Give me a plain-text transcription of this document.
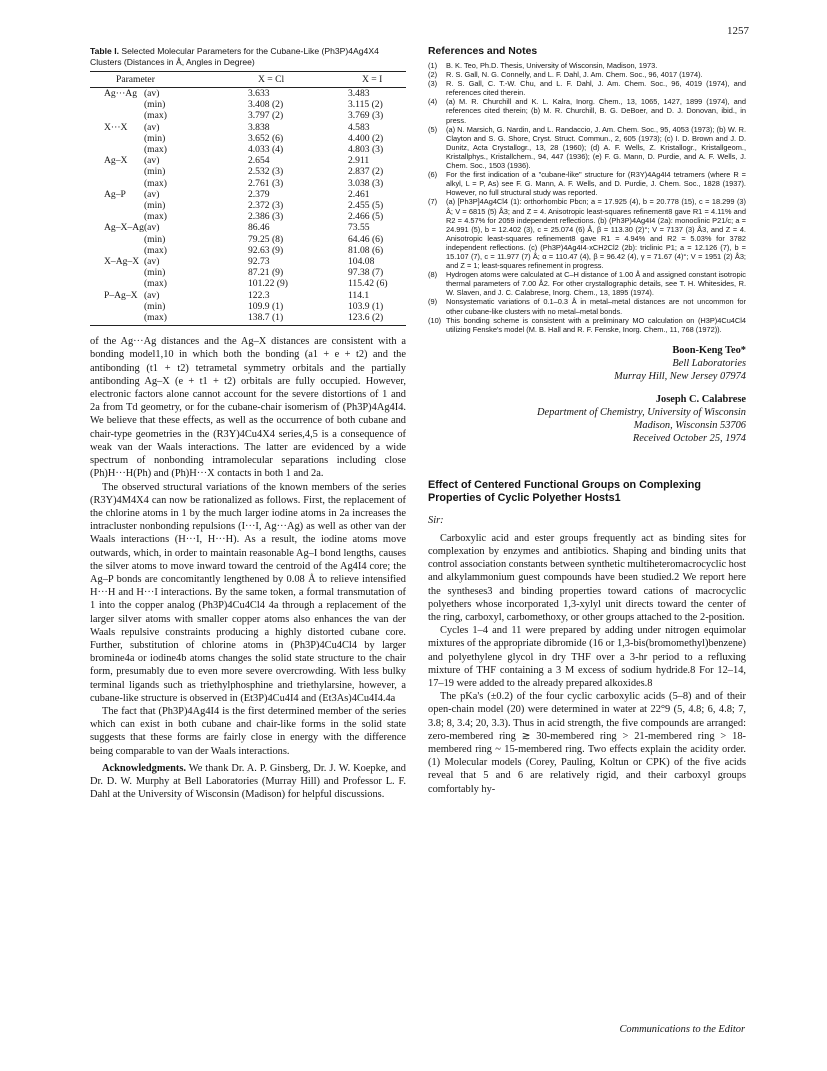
1257
Table I. Selected Molecular Parameters for the Cubane-Like (Ph3P)4Ag4X4 Clusters (Distances in Å, Angles in Degree)
Parameter		X = Cl	X = I
Ag···Ag	(av)	3.633	3.483
	(min)	3.408 (2)	3.115 (2)
	(max)	3.797 (2)	3.769 (3)
X···X	(av)	3.838	4.583
	(min)	3.652 (6)	4.400 (2)
	(max)	4.033 (4)	4.803 (3)
Ag–X	(av)	2.654	2.911
	(min)	2.532 (3)	2.837 (2)
	(max)	2.761 (3)	3.038 (3)
Ag–P	(av)	2.379	2.461
	(min)	2.372 (3)	2.455 (5)
	(max)	2.386 (3)	2.466 (5)
Ag–X–Ag	(av)	86.46	73.55
	(min)	79.25 (8)	64.46 (6)
	(max)	92.63 (9)	81.08 (6)
X–Ag–X	(av)	92.73	104.08
	(min)	87.21 (9)	97.38 (7)
	(max)	101.22 (9)	115.42 (6)
P–Ag–X	(av)	122.3	114.1
	(min)	109.9 (1)	103.9 (1)
	(max)	138.7 (1)	123.6 (2)

of the Ag···Ag distances and the Ag–X distances are consistent with a bonding model1,10 in which both the bonding (a1 + e + t2) and the antibonding (t1 + t2) tetrametal symmetry orbitals and the partially antibonding Ag–X (e + t1 + t2) orbitals are fully occupied. However, electronic factors alone cannot account for the severe distortions of 1 and 2a from Td geometry, or for the cubane-chair isomerism of (Ph3P)4Ag4I4. We believe that these effects, as well as the occurrence of both cubane and chair-type geometries in the (R3Y)4Cu4X4 series,4,5 is a consequence of weak van der Waals interactions. The latter are evidenced by a wide spectrum of nonbonding intramolecular separations including close (Ph)H···H(Ph) and (Ph)H···X contacts in both 1 and 2a.

The observed structural variations of the known members of the series (R3Y)4M4X4 can now be rationalized as follows. First, the replacement of the chlorine atoms in 1 by the much larger iodine atoms in 2a increases the intracluster nonbonding repulsions (I···I, Ag···Ag) as well as other van der Waals interactions (H···I, H···H). As a result, the iodine atoms move outwards, which, in order to maintain reasonable Ag–I bond lengths, causes the silver atoms to move inward toward the centroid of the Ag4I4 core; the Ag–P bonds are concomitantly lengthened by 0.08 Å to relieve intensified H···H and H···I interactions. By the same token, a formal transmutation of 1 into the copper analog (Ph3P)4Cu4Cl4 4a through a replacement of the larger silver atoms with smaller copper atoms also enhances the van der Waals repulsive constraints producing a highly distorted cubane core. Further, substitution of chlorine atoms in (Ph3P)4Cu4Cl4 by larger bromine4a or iodine4b atoms changes the solid state structure to the chair form, presumably due to even more severe overcrowding. With less bulky terminal ligands such as triethylphosphine and triethylarsine, however, a cubane-like structure is observed in (Et3P)4Cu4I4 and (Et3As)4Cu4I4.4a

The fact that (Ph3P)4Ag4I4 is the first determined member of the series which can exist in both cubane and chair-like forms in the solid state suggests that these forms are fairly close in energy with the difference being comparable to van der Waals interactions.

Acknowledgments. We thank Dr. A. P. Ginsberg, Dr. J. W. Koepke, and Dr. D. W. Murphy at Bell Laboratories (Murray Hill) and Professor L. F. Dahl at the University of Wisconsin (Madison) for helpful discussions.

References and Notes
(1)	B. K. Teo, Ph.D. Thesis, University of Wisconsin, Madison, 1973.
(2)	R. S. Gall, N. G. Connelly, and L. F. Dahl, J. Am. Chem. Soc., 96, 4017 (1974).
(3)	R. S. Gall, C. T.-W. Chu, and L. F. Dahl, J. Am. Chem. Soc., 96, 4019 (1974), and references cited therein.
(4)	(a) M. R. Churchill and K. L. Kalra, Inorg. Chem., 13, 1065, 1427, 1899 (1974), and references cited therein; (b) M. R. Churchill, B. G. DeBoer, and D. J. Donovan, ibid., in press.
(5)	(a) N. Marsich, G. Nardin, and L. Randaccio, J. Am. Chem. Soc., 95, 4053 (1973); (b) W. R. Clayton and S. G. Shore, Cryst. Struct. Commun., 2, 605 (1973); (c) I. D. Brown and J. D. Dunitz, Acta Crystallogr., 13, 28 (1960); (d) A. F. Wells, Z. Kristallogr., Kristallgeom., Kristallphys., Kristallchem., 94, 447 (1936); (e) F. G. Mann, D. Purdie, and A. F. Wells, J. Chem. Soc., 1503 (1936).
(6)	For the first indication of a "cubane-like" structure for (R3Y)4Ag4I4 tetramers (where R = alkyl, L = P, As) see F. G. Mann, A. F. Wells, and D. Purdie, J. Chem. Soc., 1828 (1937). However, no full structural study was reported.
(7)	(a) [Ph3P]4Ag4Cl4 (1): orthorhombic Pbcn; a = 17.925 (4), b = 20.778 (15), c = 18.299 (3) Å; V = 6815 (5) Å3; and Z = 4. Anisotropic least-squares refinement8 gave R1 = 4.11% and R2 = 4.57% for 2059 independent reflections. (b) (Ph3P)4Ag4I4 (2a): monoclinic P21/c; a = 24.991 (5), b = 12.402 (3), c = 25.074 (6) Å, β = 113.30 (2)°; V = 7137 (3) Å3, and Z = 4. Anisotropic least-squares refinement8 gave R1 = 4.94% and R2 = 5.03% for 3782 independent reflections. (c) (Ph3P)4Ag4I4·xCH2Cl2 (2b): triclinic P1; a = 12.126 (7), b = 15.107 (7), c = 11.977 (7) Å; α = 110.47 (4), β = 96.42 (4), γ = 71.67 (4)°; V = 1951 (2) Å3; and Z = 1; least-squares refinement in progress.
(8)	Hydrogen atoms were calculated at C–H distance of 1.00 Å and assigned constant isotropic thermal parameters of 7.00 Å2. For other crystallographic details, see T. H. Whitesides, R. W. Slaven, and J. C. Calabrese, Inorg. Chem., 13, 1895 (1974).
(9)	Nonsystematic variations of 0.1–0.3 Å in metal–metal distances are not uncommon for other cubane-like clusters with no metal–metal bonds.
(10) This bonding scheme is consistent with a preliminary MO calculation on (H3P)4Cu4Cl4 utilizing Fenske's model (M. B. Hall and R. F. Fenske, Inorg. Chem., 11, 768 (1972)).
Boon-Keng Teo*
Bell Laboratories
Murray Hill, New Jersey 07974
Joseph C. Calabrese
Department of Chemistry, University of Wisconsin
Madison, Wisconsin 53706
Received October 25, 1974
Effect of Centered Functional Groups on Complexing Properties of Cyclic Polyether Hosts1

Sir:

Carboxylic acid and ester groups frequently act as binding sites for complexation by enzymes and antibiotics. Shaping and binding units that control association constants between synthetic multiheteromacrocyclic host and alkylammonium guest compounds have been studied.2 We report here the syntheses3 and binding properties toward cations of macrocyclic polyethers whose incorporated 1,3-xylyl unit directs toward the center of the ring, carboxyl, carbomethoxy, or other groups attached to the 2-position.

Cycles 1–4 and 11 were prepared by adding under nitrogen equimolar mixtures of the appropriate dibromide (16 or 1,3-bis(bromomethyl)benzene) and polyethylene glycol in dry THF over a 3-hr period to a refluxing mixture of THF containing a 3 M excess of sodium hydride.8 For 12–14, 17–19 were added to the already prepared alkoxides.8

The pKa's (±0.2) of the four cyclic carboxylic acids (5–8) and of their open-chain model (20) were determined in water at 22°9 (5, 4.8; 6, 4.8; 7, 3.8; 8, 3.4; 20, 3.3). Thus in acid strength, the five compounds are arranged: zero-membered ring ≳ 30-membered ring > 21-membered ring > 18-membered ring ~ 15-membered ring. Two effects explain the acidity order. (1) Molecular models (Corey, Pauling, Koltun or CPK) of the five acids reveal that 5 and 6 are relatively rigid, and their carboxyl groups comfortably hy-

Communications to the Editor
